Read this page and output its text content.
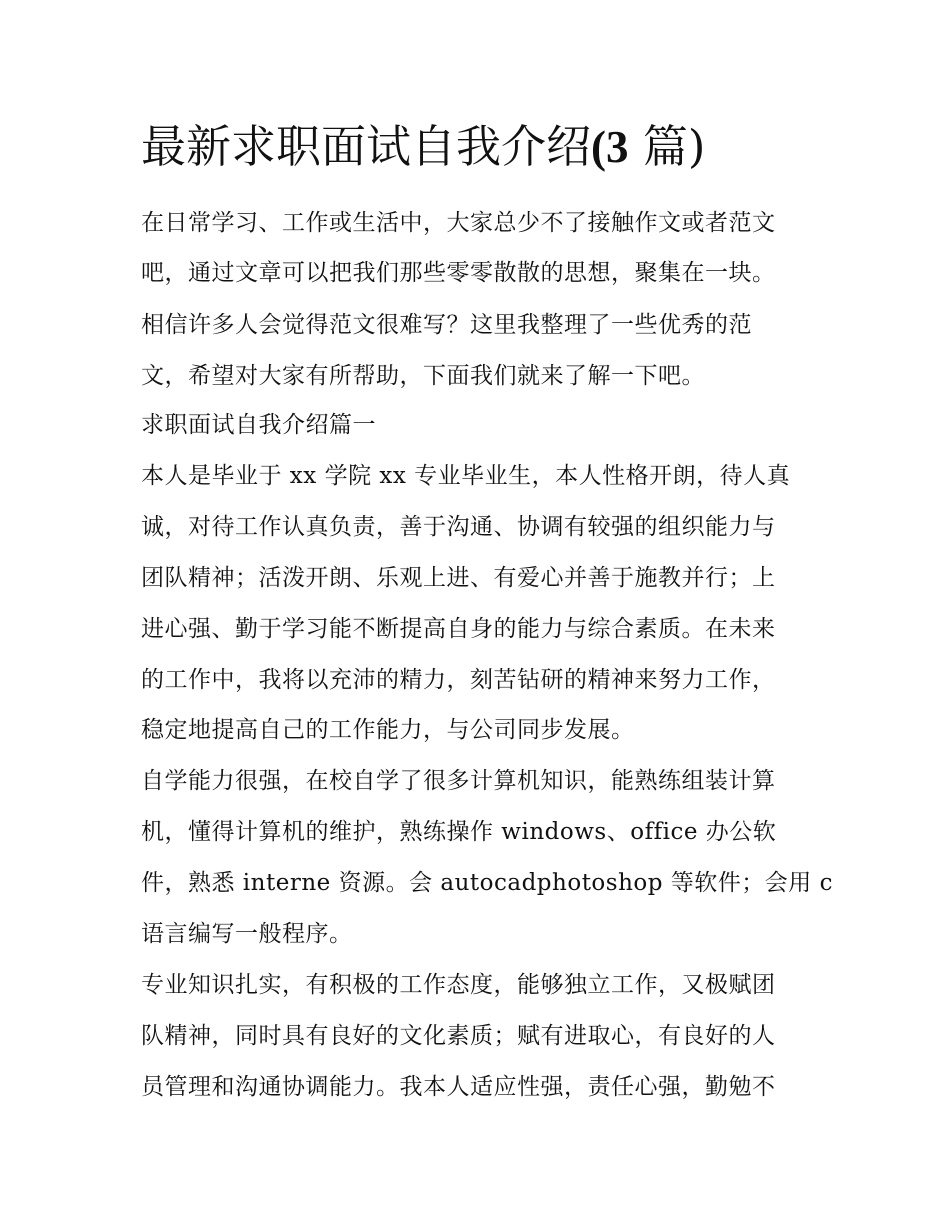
最新求职面试自我介绍(3 篇)

在日常学习、工作或生活中，大家总少不了接触作文或者范文

吧，通过文章可以把我们那些零零散散的思想，聚集在一块。

相信许多人会觉得范文很难写？这里我整理了一些优秀的范

文，希望对大家有所帮助，下面我们就来了解一下吧。

求职面试自我介绍篇一

本人是毕业于 xx 学院 xx 专业毕业生，本人性格开朗，待人真

诚，对待工作认真负责，善于沟通、协调有较强的组织能力与

团队精神；活泼开朗、乐观上进、有爱心并善于施教并行；上

进心强、勤于学习能不断提高自身的能力与综合素质。在未来

的工作中，我将以充沛的精力，刻苦钻研的精神来努力工作，

稳定地提高自己的工作能力，与公司同步发展。

自学能力很强，在校自学了很多计算机知识，能熟练组装计算

机，懂得计算机的维护，熟练操作 windows、office 办公软

件，熟悉 interne 资源。会 autocadphotoshop 等软件；会用 c

语言编写一般程序。

专业知识扎实，有积极的工作态度，能够独立工作，又极赋团

队精神，同时具有良好的文化素质；赋有进取心，有良好的人

员管理和沟通协调能力。我本人适应性强，责任心强，勤勉不
